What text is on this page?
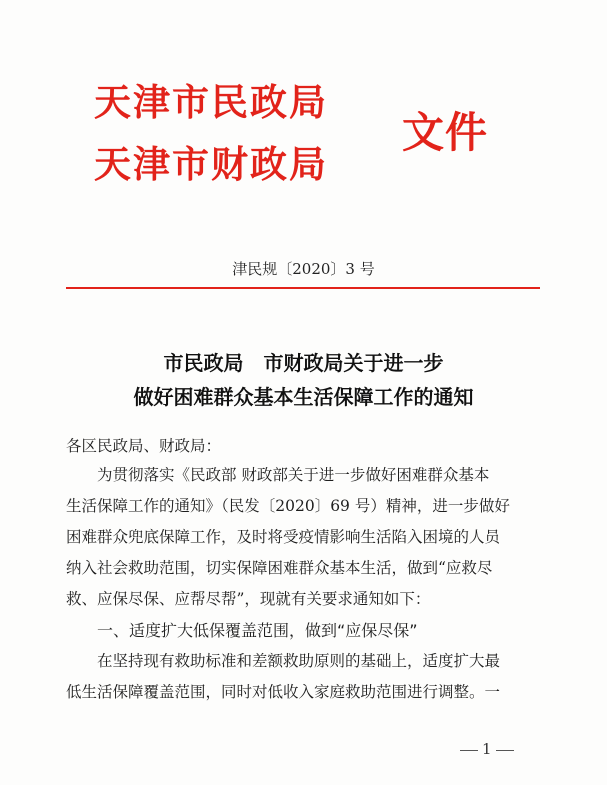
天津市民政局
天津市财政局
文件
津民规〔2020〕3 号
市民政局　市财政局关于进一步
做好困难群众基本生活保障工作的通知
各区民政局、财政局：
为贯彻落实《民政部 财政部关于进一步做好困难群众基本
生活保障工作的通知》（民发〔2020〕69 号）精神，进一步做好
困难群众兜底保障工作，及时将受疫情影响生活陷入困境的人员
纳入社会救助范围，切实保障困难群众基本生活，做到“应救尽
救、应保尽保、应帮尽帮”，现就有关要求通知如下：
一、适度扩大低保覆盖范围，做到“应保尽保”
在坚持现有救助标准和差额救助原则的基础上，适度扩大最
低生活保障覆盖范围，同时对低收入家庭救助范围进行调整。一
1
